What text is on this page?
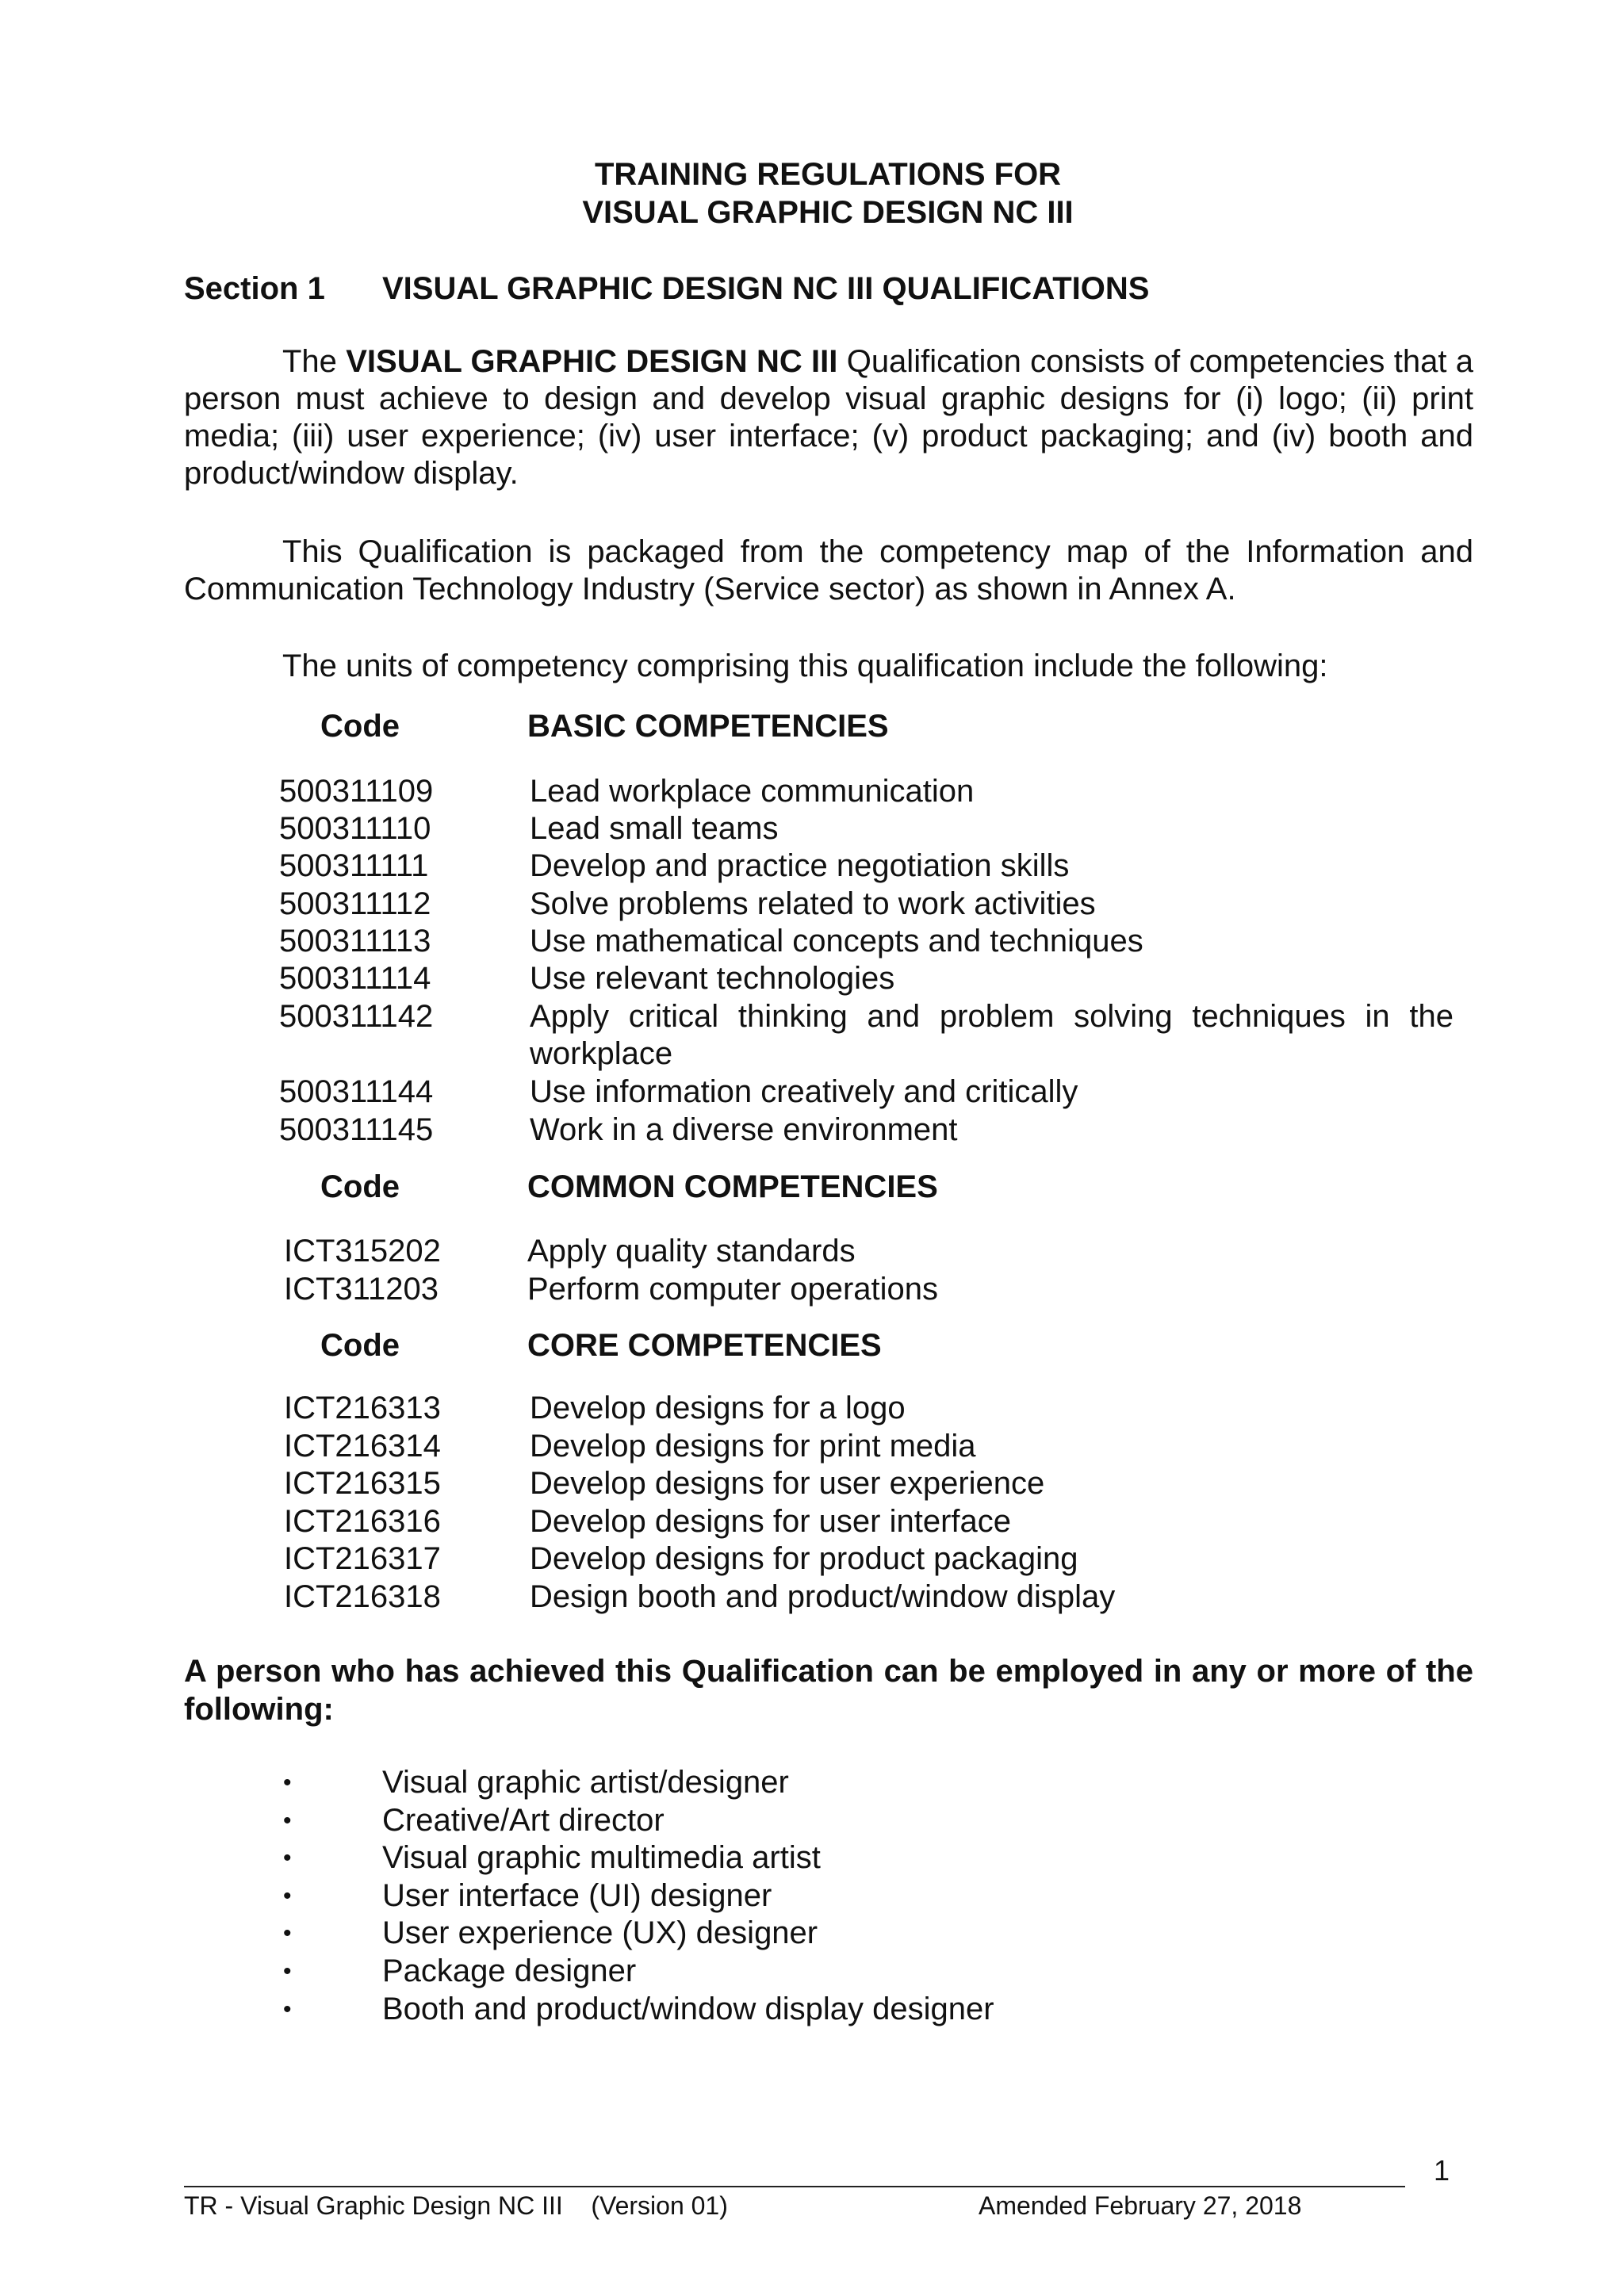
TRAINING REGULATIONS FOR
VISUAL GRAPHIC DESIGN NC III
Section 1 VISUAL GRAPHIC DESIGN NC III QUALIFICATIONS
The VISUAL GRAPHIC DESIGN NC III Qualification consists of competencies that a person must achieve to design and develop visual graphic designs for (i) logo; (ii) print media; (iii) user experience; (iv) user interface; (v) product packaging; and (iv) booth and product/window display.
This Qualification is packaged from the competency map of the Information and Communication Technology Industry (Service sector) as shown in Annex A.
The units of competency comprising this qualification include the following:
Code	BASIC COMPETENCIES
500311109	Lead workplace communication
500311110	Lead small teams
500311111	Develop and practice negotiation skills
500311112	Solve problems related to work activities
500311113	Use mathematical concepts and techniques
500311114	Use relevant technologies
500311142	Apply critical thinking and problem solving techniques in the workplace
500311144	Use information creatively and critically
500311145	Work in a diverse environment
Code	COMMON COMPETENCIES
ICT315202	Apply quality standards
ICT311203	Perform computer operations
Code	CORE COMPETENCIES
ICT216313	Develop designs for a logo
ICT216314	Develop designs for print media
ICT216315	Develop designs for user experience
ICT216316	Develop designs for user interface
ICT216317	Develop designs for product packaging
ICT216318	Design booth and product/window display
A person who has achieved this Qualification can be employed in any or more of the following:
•	Visual graphic artist/designer
•	Creative/Art director
•	Visual graphic multimedia artist
•	User interface (UI) designer
•	User experience (UX) designer
•	Package designer
•	Booth and product/window display designer
1
TR - Visual Graphic Design NC III    (Version 01)	Amended February 27, 2018
